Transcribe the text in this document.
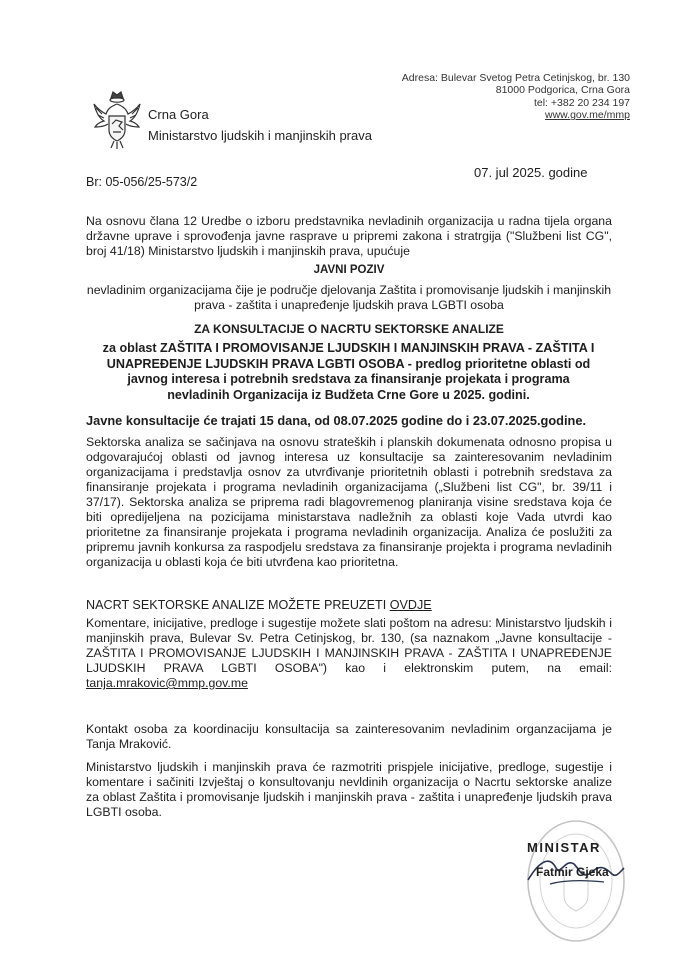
Crna Gora
Ministarstvo ljudskih i manjinskih prava
Adresa: Bulevar Svetog Petra Cetinjskog, br. 130
81000 Podgorica, Crna Gora
tel: +382 20 234 197
www.gov.me/mmp
07. jul 2025. godine
Br: 05-056/25-573/2
Na osnovu člana 12 Uredbe o izboru predstavnika nevladinih organizacija u radna tijela organa državne uprave i sprovođenja javne rasprave u pripremi zakona i stratrgija ("Službeni list CG", broj 41/18) Ministarstvo ljudskih i manjinskih prava, upućuje
JAVNI POZIV
nevladinim organizacijama čije je područje djelovanja Zaštita i promovisanje ljudskih i manjinskih prava - zaštita i unapređenje ljudskih prava LGBTI osoba
ZA KONSULTACIJE O NACRTU SEKTORSKE ANALIZE
za oblast ZAŠTITA I PROMOVISANJE LJUDSKIH I MANJINSKIH PRAVA - ZAŠTITA I UNAPREĐENJE LJUDSKIH PRAVA LGBTI OSOBA - predlog prioritetne oblasti od javnog interesa i potrebnih sredstava za finansiranje projekata i programa nevladinih Organizacija iz Budžeta Crne Gore u 2025. godini.
Javne konsultacije će trajati 15 dana, od 08.07.2025 godine do i 23.07.2025.godine.
Sektorska analiza se sačinjava na osnovu strateških i planskih dokumenata odnosno propisa u odgovarajućoj oblasti od javnog interesa uz konsultacije sa zainteresovanim nevladinim organizacijama i predstavlja osnov za utvrđivanje prioritetnih oblasti i potrebnih sredstava za finansiranje projekata i programa nevladinih organizacijama („Službeni list CG", br. 39/11 i 37/17). Sektorska analiza se priprema radi blagovremenog planiranja visine sredstava koja će biti opredijeljena na pozicijama ministarstava nadležnih za oblasti koje Vada utvrdi kao prioritetne za finansiranje projekata i programa nevladinih organizacija. Analiza će poslužiti za pripremu javnih konkursa za raspodjelu sredstava za finansiranje projekta i programa nevladinih organizacija u oblasti koja će biti utvrđena kao prioritetna.
NACRT SEKTORSKE ANALIZE MOŽETE PREUZETI OVDJE
Komentare, inicijative, predloge i sugestije možete slati poštom na adresu: Ministarstvo ljudskih i manjinskih prava, Bulevar Sv. Petra Cetinjskog, br. 130, (sa naznakom „Javne konsultacije - ZAŠTITA I PROMOVISANJE LJUDSKIH I MANJINSKIH PRAVA - ZAŠTITA I UNAPREĐENJE LJUDSKIH PRAVA LGBTI OSOBA") kao i elektronskim putem, na email: tanja.mrakovic@mmp.gov.me
Kontakt osoba za koordinaciju konsultacija sa zainteresovanim nevladinim organzacijama je Tanja Mraković.
Ministarstvo ljudskih i manjinskih prava će razmotriti prispjele inicijative, predloge, sugestije i komentare i sačiniti Izvještaj o konsultovanju nevldinih organizacija o Nacrtu sektorske analize za oblast Zaštita i promovisanje ljudskih i manjinskih prava - zaštita i unapređenje ljudskih prava LGBTI osoba.
MINISTAR
Fatmir Gjeka
